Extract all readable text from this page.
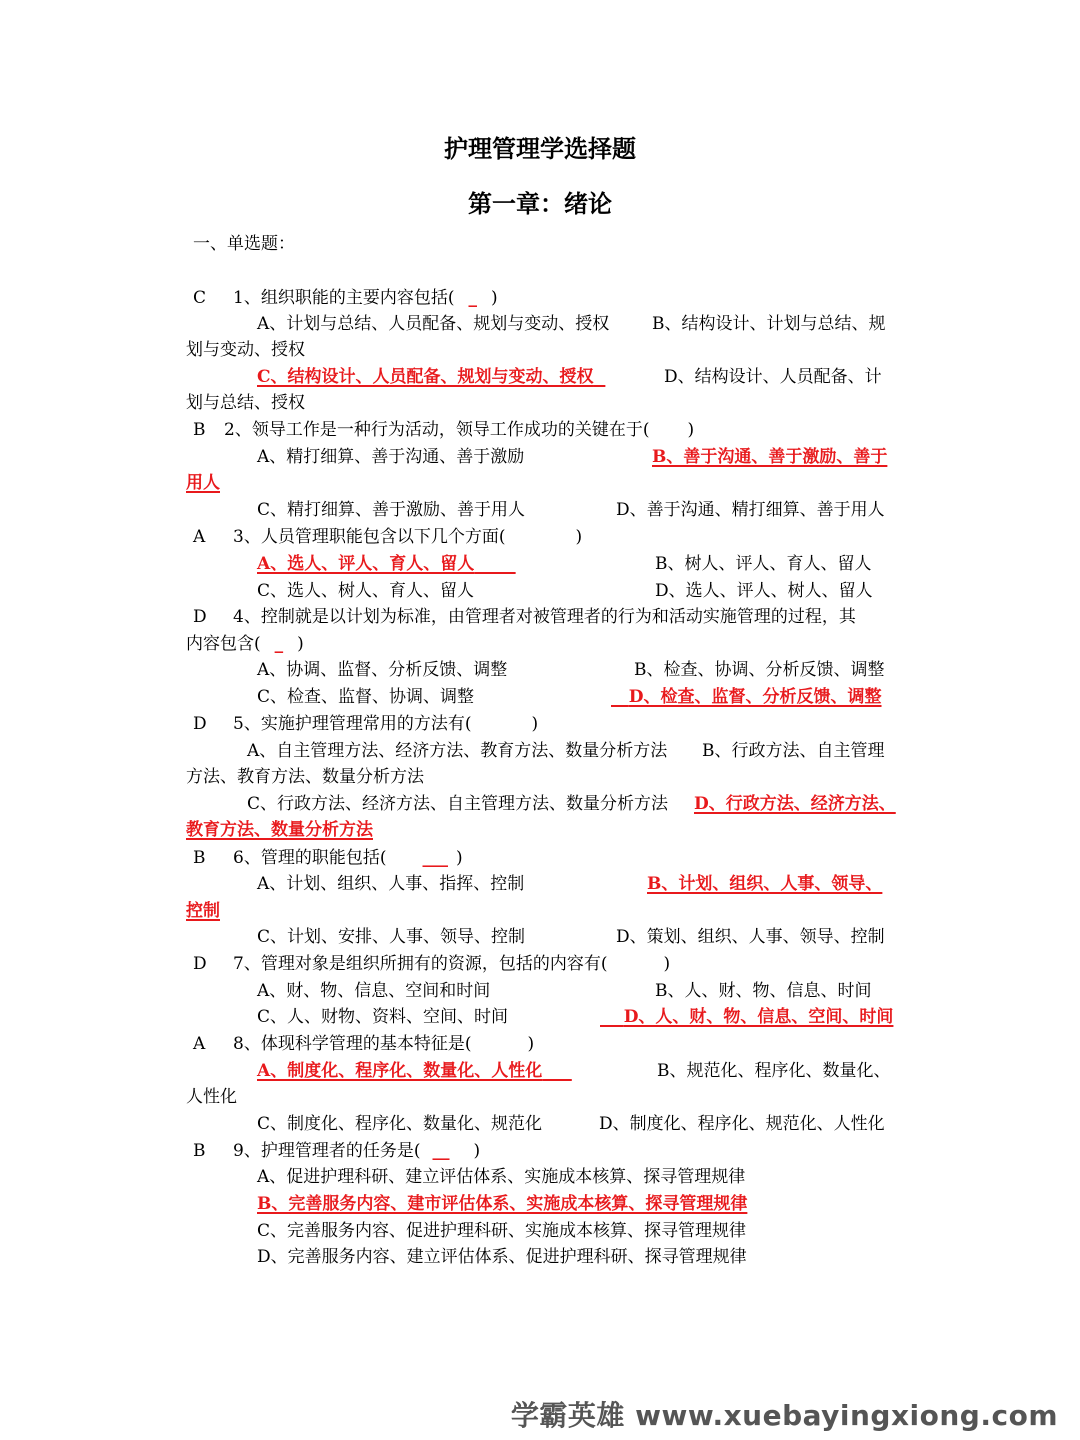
护理管理学选择题
第一章：绪论
一、单选题：
C 1、组织职能的主要内容包括( _ )
A、计划与总结、人员配备、规划与变动、授权	B、结构设计、计划与总结、规
划与变动、授权
C、结构设计、人员配备、规划与变动、授权	D、结构设计、人员配备、计
划与总结、授权
B 2、领导工作是一种行为活动，领导工作成功的关键在于( )
A、精打细算、善于沟通、善于激励	B、善于沟通、善于激励、善于
用人
C、精打细算、善于激励、善于用人	D、善于沟通、精打细算、善于用人
A 3、人员管理职能包含以下几个方面(	)
A、选人、评人、育人、留人	B、树人、评人、育人、留人
C、选人、树人、育人、留人	D、选人、评人、树人、留人
D 4、控制就是以计划为标准，由管理者对被管理者的行为和活动实施管理的过程，其
内容包含( _ )
A、协调、监督、分析反馈、调整	B、检查、协调、分析反馈、调整
C、检查、监督、协调、调整	D、检查、监督、分析反馈、调整
D 5、实施护理管理常用的方法有(	)
A、自主管理方法、经济方法、教育方法、数量分析方法 B、行政方法、自主管理
方法、教育方法、数量分析方法
C、行政方法、经济方法、自主管理方法、数量分析方法 D、行政方法、经济方法、
教育方法、数量分析方法
B 6、管理的职能包括( ___ )
A、计划、组织、人事、指挥、控制	B、计划、组织、人事、领导、
控制
C、计划、安排、人事、领导、控制	D、策划、组织、人事、领导、控制
D 7、管理对象是组织所拥有的资源，包括的内容有(	)
A、财、物、信息、空间和时间	B、人、财、物、信息、时间
C、人、财物、资料、空间、时间	D、人、财、物、信息、空间、时间
A 8、体现科学管理的基本特征是(	)
A、制度化、程序化、数量化、人性化	B、规范化、程序化、数量化、
人性化
C、制度化、程序化、数量化、规范化	D、制度化、程序化、规范化、人性化
B 9、护理管理者的任务是( __ )
A、促进护理科研、建立评估体系、实施成本核算、探寻管理规律
B、完善服务内容、建市评估体系、实施成本核算、探寻管理规律
C、完善服务内容、促进护理科研、实施成本核算、探寻管理规律
D、完善服务内容、建立评估体系、促进护理科研、探寻管理规律
学霸英雄 www.xuebayingxiong.com
